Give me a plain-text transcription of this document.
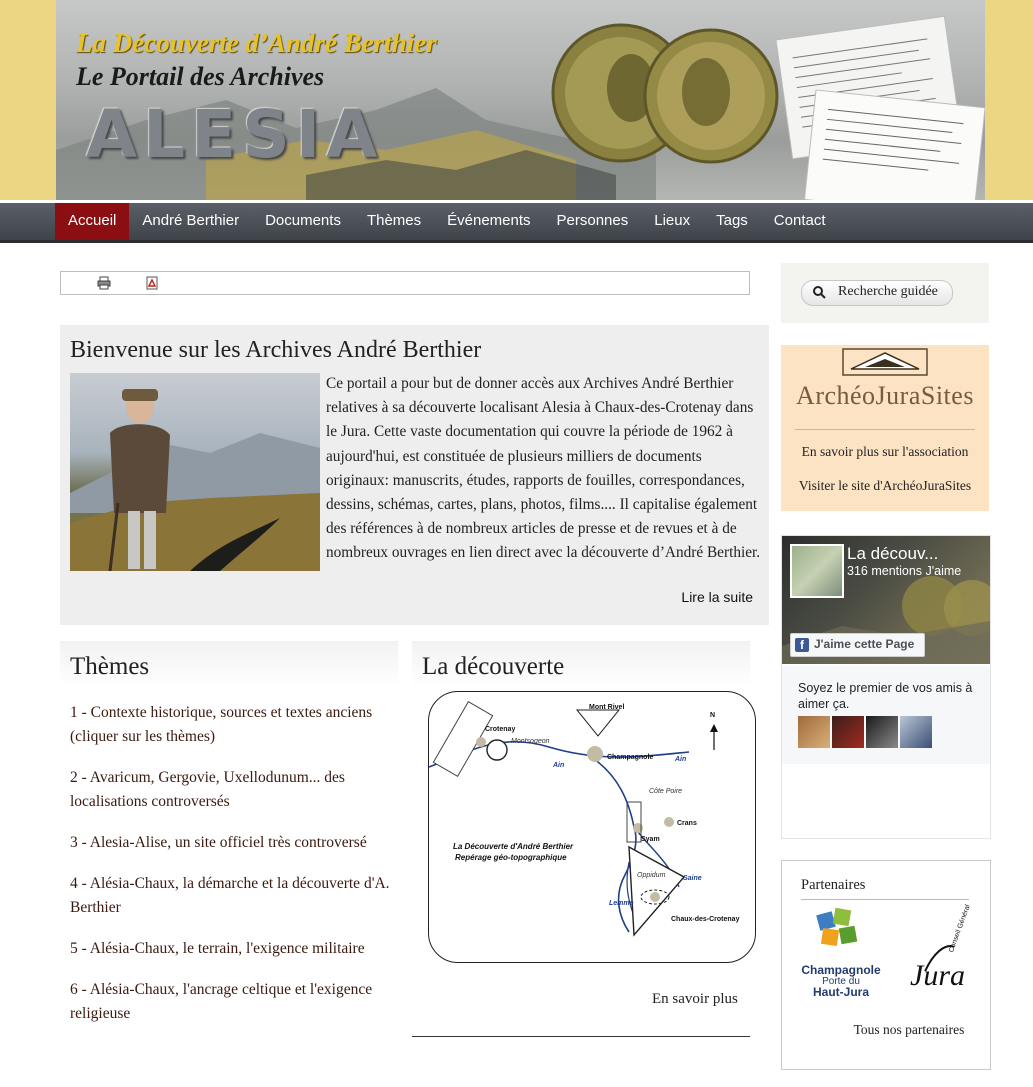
La Découverte d’André Berthier
Le Portail des Archives
ALESIA
Accueil	André Berthier	Documents	Thèmes	Événements	Personnes	Lieux	Tags	Contact
Bienvenue sur les Archives André Berthier
Ce portail a pour but de donner accès aux Archives André Berthier relatives à sa découverte localisant Alesia à Chaux-des-Crotenay dans le Jura. Cette vaste documentation qui couvre la période de 1962 à aujourd'hui, est constituée de plusieurs milliers de documents originaux: manuscrits, études, rapports de fouilles, correspondances, dessins, schémas, cartes, plans, photos, films.... Il capitalise également des références à de nombreux articles de presse et de revues et à de nombreux ouvrages en lien direct avec la découverte d’André Berthier.
Lire la suite
Thèmes
1 - Contexte historique, sources et textes anciens (cliquer sur les thèmes)
2 - Avaricum, Gergovie, Uxellodunum... des localisations controversés
3 - Alesia-Alise, un site officiel très controversé
4 - Alésia-Chaux, la démarche et la découverte d'A. Berthier
5 - Alésia-Chaux, le terrain, l'exigence militaire
6 - Alésia-Chaux, l'ancrage celtique et l'exigence religieuse
La découverte
N
Crotenay
Montsogeon
Mont Rivel
Champagnole
Ain
Ain
Côte Poire
Crans
Syam
La Découverte d'André Berthier
Repérage géo-topographique
Oppidum	Saine
Lemme
Chaux-des-Crotenay
En savoir plus
Recherche guidée
ArchéoJuraSites
En savoir plus sur l'association
Visiter le site d'ArchéoJuraSites
La découv...
316 mentions J'aime
f J'aime cette Page
Soyez le premier de vos amis à aimer ça.
Partenaires
Champagnole
Porte du
Haut-Jura	Jura
Conseil Général
Tous nos partenaires
